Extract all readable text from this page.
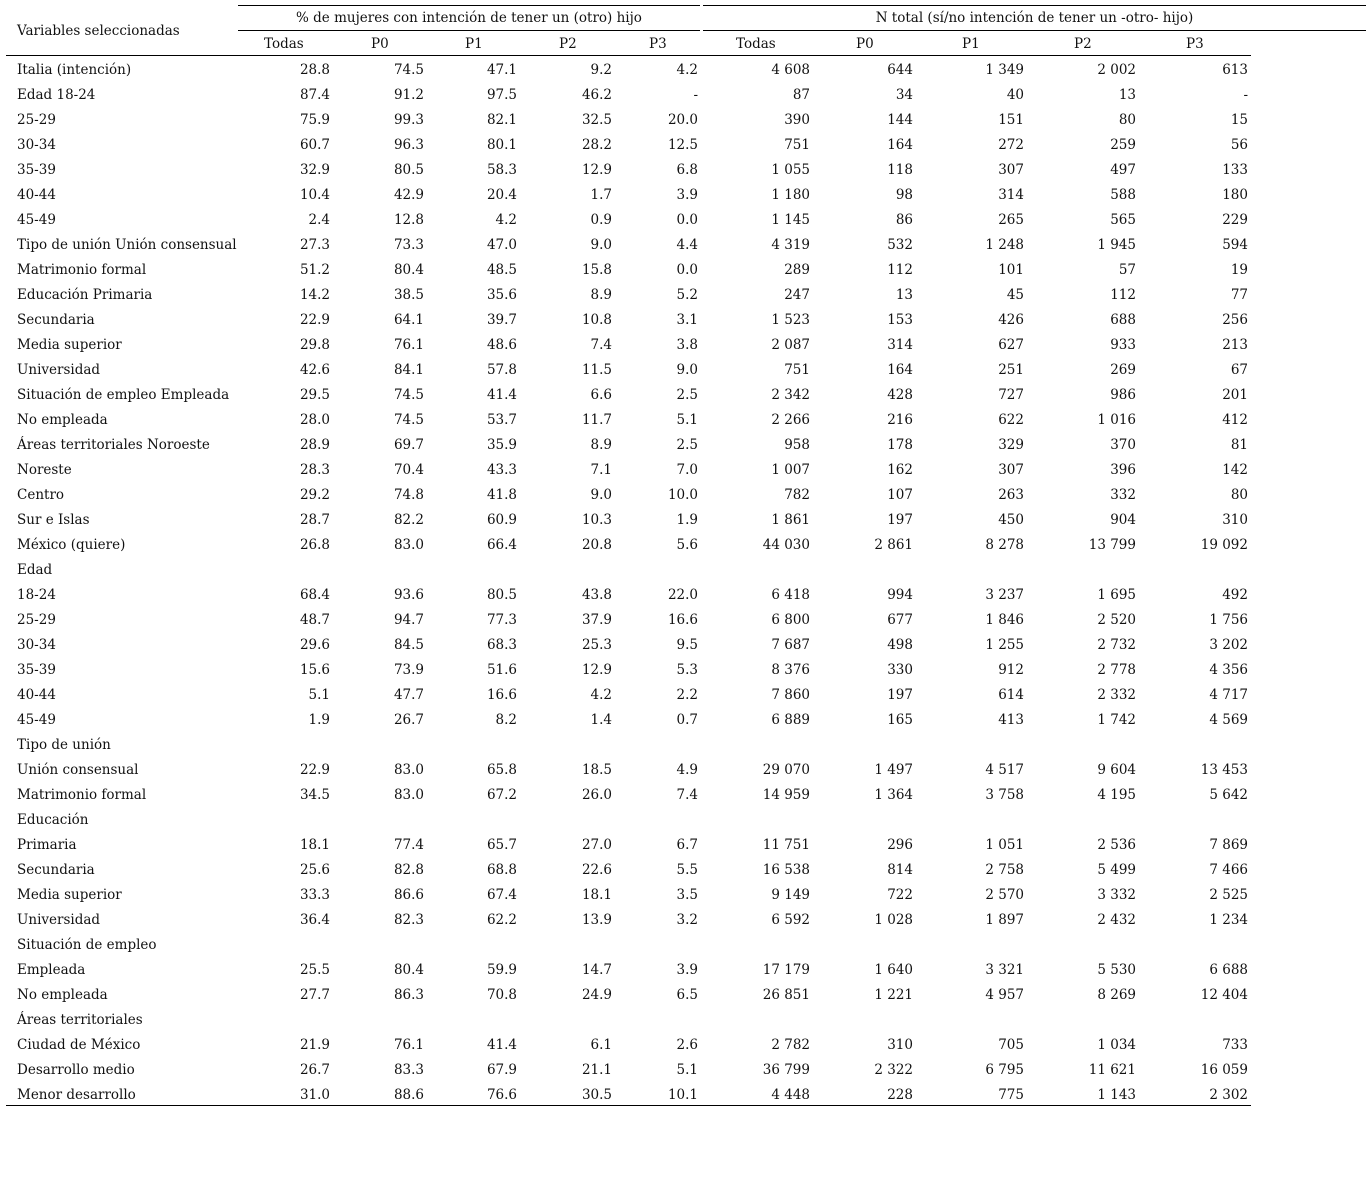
Variables seleccionadas
% de mujeres con intención de tener un (otro) hijo	N total (sí/no intención de tener un -otro- hijo)
Todas	P0	P1	P2	P3	Todas	P0	P1	P2	P3
Italia (intención)	28.8	74.5	47.1	9.2	4.2	4 608	644	1 349	2 002	613
Edad 18-24	87.4	91.2	97.5	46.2	-	87	34	40	13	-
25-29	75.9	99.3	82.1	32.5	20.0	390	144	151	80	15
30-34	60.7	96.3	80.1	28.2	12.5	751	164	272	259	56
35-39	32.9	80.5	58.3	12.9	6.8	1 055	118	307	497	133
40-44	10.4	42.9	20.4	1.7	3.9	1 180	98	314	588	180
45-49	2.4	12.8	4.2	0.9	0.0	1 145	86	265	565	229
Tipo de unión Unión consensual	27.3	73.3	47.0	9.0	4.4	4 319	532	1 248	1 945	594
Matrimonio formal	51.2	80.4	48.5	15.8	0.0	289	112	101	57	19
Educación Primaria	14.2	38.5	35.6	8.9	5.2	247	13	45	112	77
Secundaria	22.9	64.1	39.7	10.8	3.1	1 523	153	426	688	256
Media superior	29.8	76.1	48.6	7.4	3.8	2 087	314	627	933	213
Universidad	42.6	84.1	57.8	11.5	9.0	751	164	251	269	67
Situación de empleo Empleada	29.5	74.5	41.4	6.6	2.5	2 342	428	727	986	201
No empleada	28.0	74.5	53.7	11.7	5.1	2 266	216	622	1 016	412
Áreas territoriales Noroeste	28.9	69.7	35.9	8.9	2.5	958	178	329	370	81
Noreste	28.3	70.4	43.3	7.1	7.0	1 007	162	307	396	142
Centro	29.2	74.8	41.8	9.0	10.0	782	107	263	332	80
Sur e Islas	28.7	82.2	60.9	10.3	1.9	1 861	197	450	904	310
México (quiere)	26.8	83.0	66.4	20.8	5.6	44 030	2 861	8 278	13 799	19 092
Edad
18-24	68.4	93.6	80.5	43.8	22.0	6 418	994	3 237	1 695	492
25-29	48.7	94.7	77.3	37.9	16.6	6 800	677	1 846	2 520	1 756
30-34	29.6	84.5	68.3	25.3	9.5	7 687	498	1 255	2 732	3 202
35-39	15.6	73.9	51.6	12.9	5.3	8 376	330	912	2 778	4 356
40-44	5.1	47.7	16.6	4.2	2.2	7 860	197	614	2 332	4 717
45-49	1.9	26.7	8.2	1.4	0.7	6 889	165	413	1 742	4 569
Tipo de unión
Unión consensual	22.9	83.0	65.8	18.5	4.9	29 070	1 497	4 517	9 604	13 453
Matrimonio formal	34.5	83.0	67.2	26.0	7.4	14 959	1 364	3 758	4 195	5 642
Educación
Primaria	18.1	77.4	65.7	27.0	6.7	11 751	296	1 051	2 536	7 869
Secundaria	25.6	82.8	68.8	22.6	5.5	16 538	814	2 758	5 499	7 466
Media superior	33.3	86.6	67.4	18.1	3.5	9 149	722	2 570	3 332	2 525
Universidad	36.4	82.3	62.2	13.9	3.2	6 592	1 028	1 897	2 432	1 234
Situación de empleo
Empleada	25.5	80.4	59.9	14.7	3.9	17 179	1 640	3 321	5 530	6 688
No empleada	27.7	86.3	70.8	24.9	6.5	26 851	1 221	4 957	8 269	12 404
Áreas territoriales
Ciudad de México	21.9	76.1	41.4	6.1	2.6	2 782	310	705	1 034	733
Desarrollo medio	26.7	83.3	67.9	21.1	5.1	36 799	2 322	6 795	11 621	16 059
Menor desarrollo	31.0	88.6	76.6	30.5	10.1	4 448	228	775	1 143	2 302
